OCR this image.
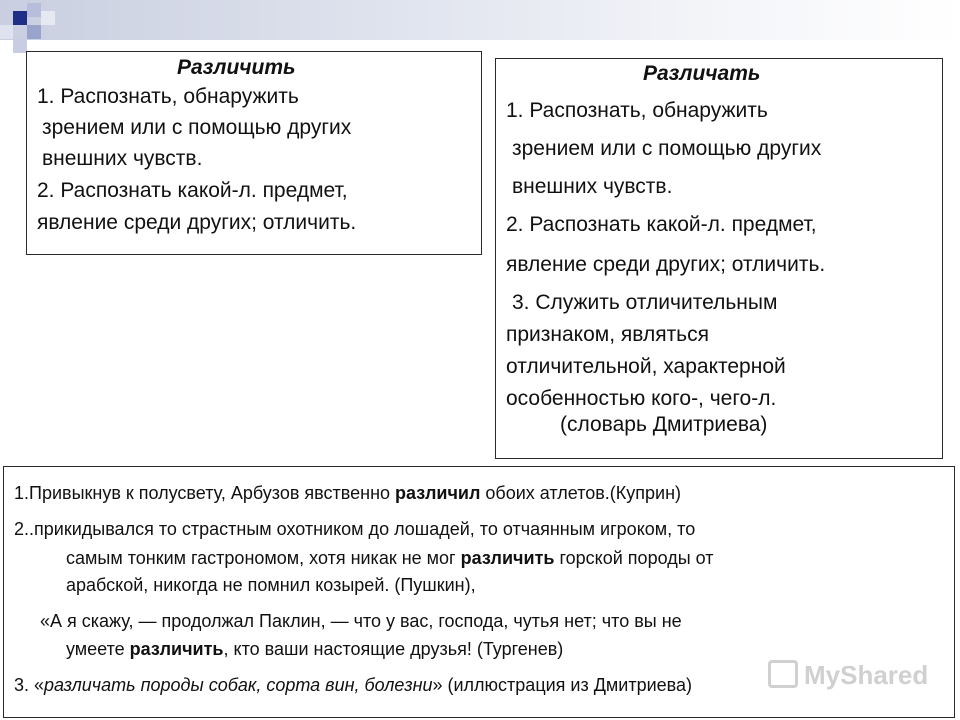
Различить
1. Распознать, обнаружить
зрением или с помощью других
внешних чувств.
2. Распознать какой-л. предмет,
явление среди других; отличить.
Различать
1. Распознать, обнаружить
зрением или с помощью других
внешних чувств.
2. Распознать какой-л. предмет,
явление среди других; отличить.
3. Служить отличительным
признаком, являться
отличительной, характерной
особенностью кого-, чего-л.
(словарь Дмитриева)
1.Привыкнув к полусвету, Арбузов явственно различил обоих атлетов.(Куприн)
2..прикидывался то страстным охотником до лошадей, то отчаянным игроком, то
самым тонким гастрономом, хотя никак не мог различить горской породы от
арабской, никогда не помнил козырей. (Пушкин),
«А я скажу, — продолжал Паклин, — что у вас, господа, чутья нет; что вы не
умеете различить, кто ваши настоящие друзья! (Тургенев)
3. «различать породы собак, сорта вин, болезни» (иллюстрация из Дмитриева)	MyShared
